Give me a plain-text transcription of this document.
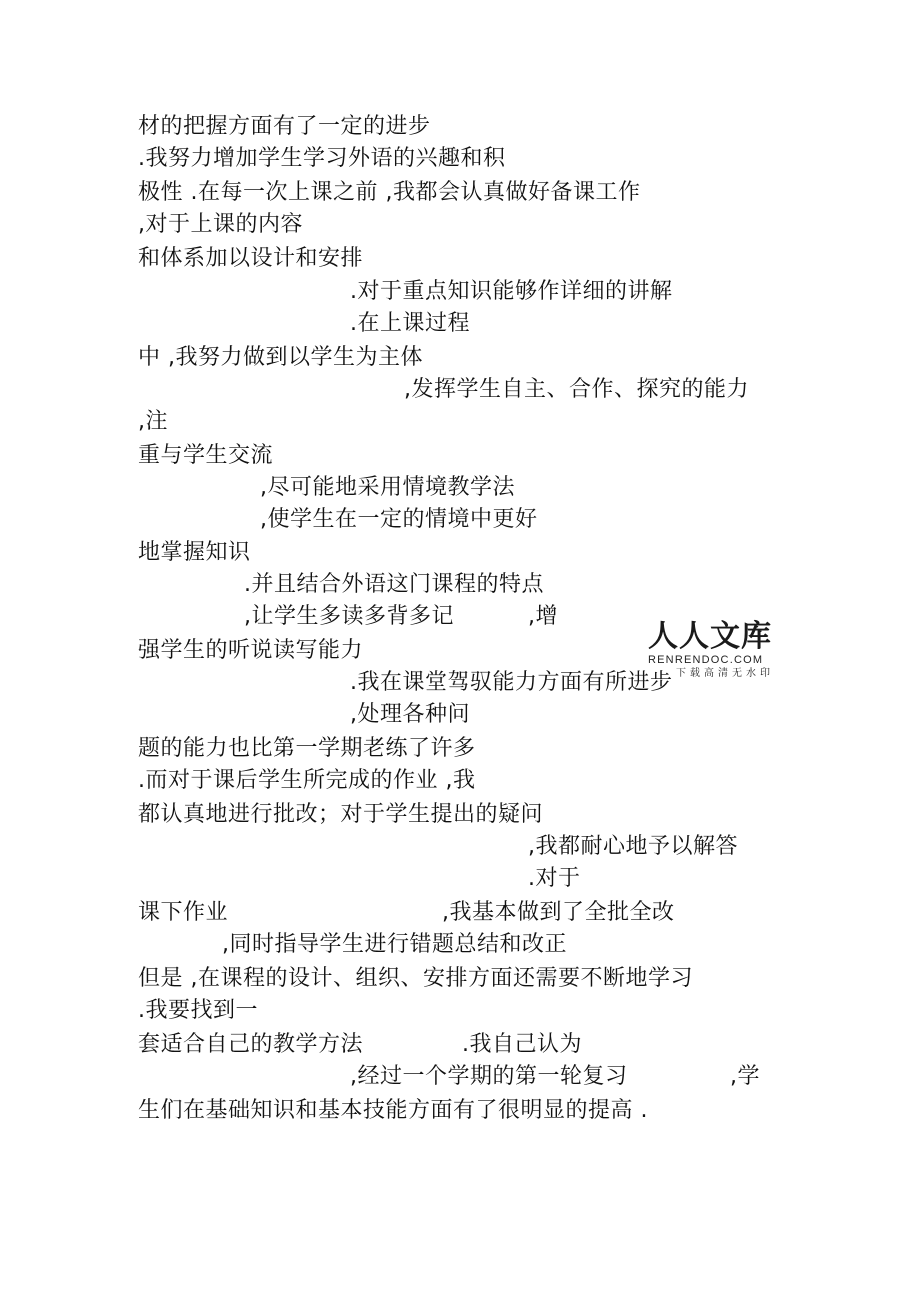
材的把握方面有了一定的进步
.我努力增加学生学习外语的兴趣和积
极性 .在每一次上课之前 ,我都会认真做好备课工作
,对于上课的内容
和体系加以设计和安排
.对于重点知识能够作详细的讲解
.在上课过程
中 ,我努力做到以学生为主体
,发挥学生自主、合作、探究的能力
,注
重与学生交流
,尽可能地采用情境教学法
,使学生在一定的情境中更好
地掌握知识
.并且结合外语这门课程的特点
,让学生多读多背多记	,增
强学生的听说读写能力
.我在课堂驾驭能力方面有所进步
,处理各种问
题的能力也比第一学期老练了许多
.而对于课后学生所完成的作业 ,我
都认真地进行批改；对于学生提出的疑问
,我都耐心地予以解答
.对于
课下作业	,我基本做到了全批全改
,同时指导学生进行错题总结和改正
但是 ,在课程的设计、组织、安排方面还需要不断地学习
.我要找到一
套适合自己的教学方法	.我自己认为
,经过一个学期的第一轮复习	,学
生们在基础知识和基本技能方面有了很明显的提高 .
人人文库
RENRENDOC.COM
下载高清无水印
